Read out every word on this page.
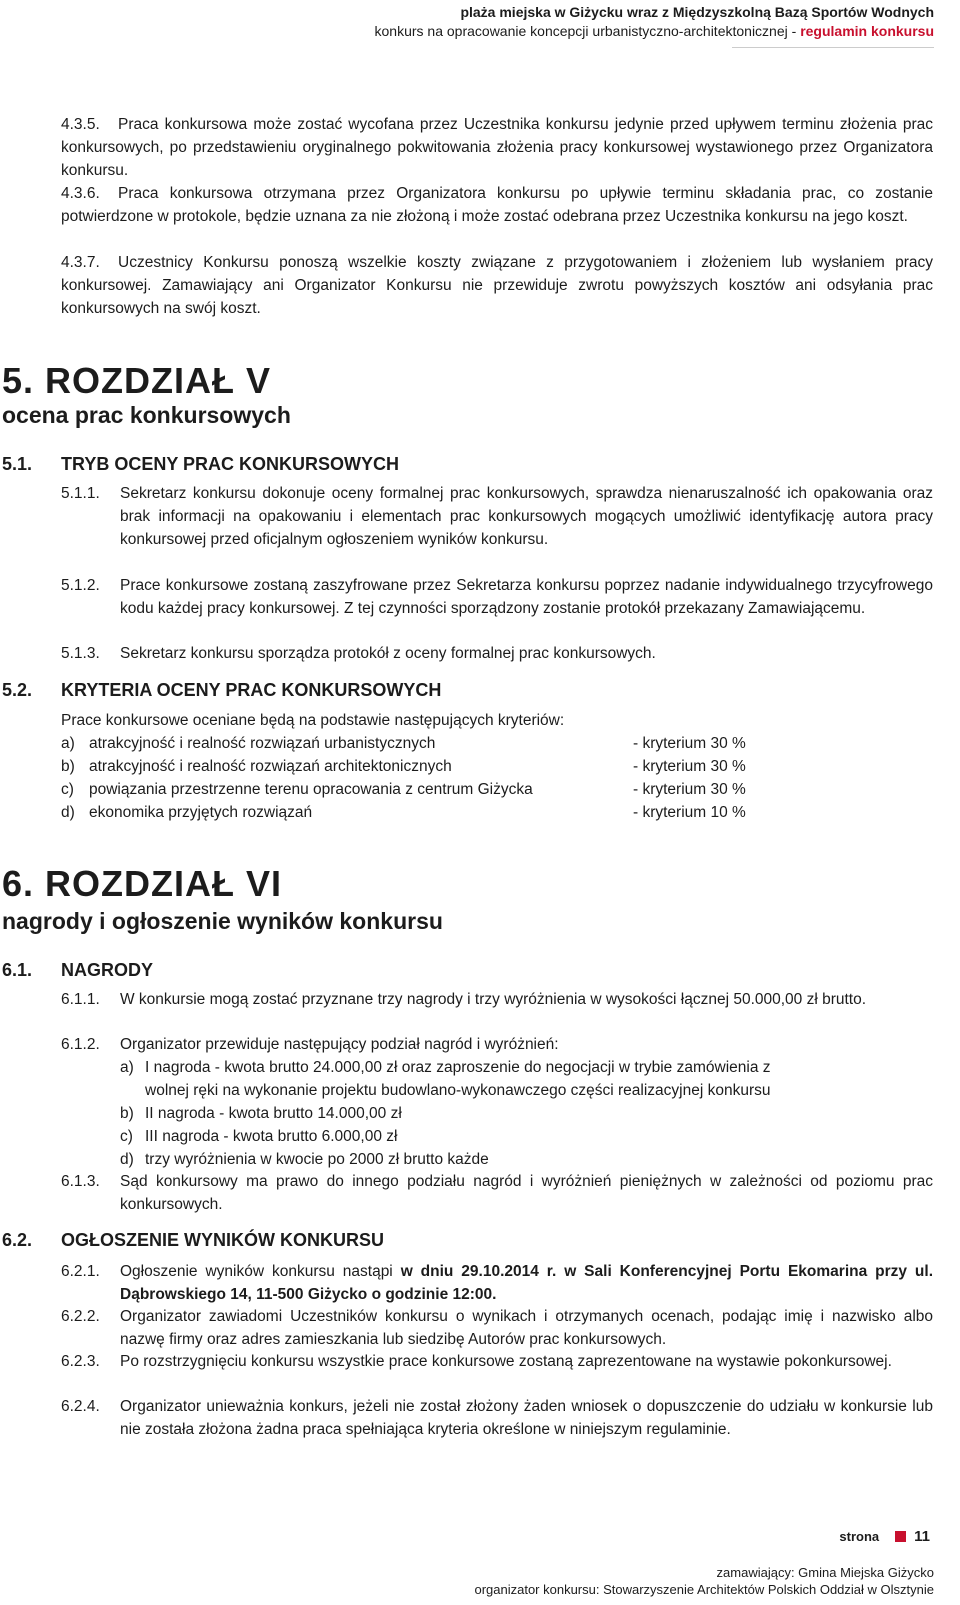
plaża miejska w Giżycku wraz z Międzyszkolną Bazą Sportów Wodnych
konkurs na opracowanie koncepcji urbanistyczno-architektonicznej - regulamin konkursu
4.3.5.	Praca konkursowa może zostać wycofana przez Uczestnika konkursu jedynie przed upływem terminu złożenia prac konkursowych, po przedstawieniu oryginalnego pokwitowania złożenia pracy konkursowej wystawionego przez Organizatora konkursu.
4.3.6.	Praca konkursowa otrzymana przez Organizatora konkursu po upływie terminu składania prac, co zostanie potwierdzone w protokole, będzie uznana za nie złożoną i może zostać odebrana przez Uczestnika konkursu na jego koszt.
4.3.7.	Uczestnicy Konkursu ponoszą wszelkie koszty związane z przygotowaniem i złożeniem lub wysłaniem pracy konkursowej. Zamawiający ani Organizator Konkursu nie przewiduje zwrotu powyższych kosztów ani odsyłania prac konkursowych na swój koszt.
5. ROZDZIAŁ V
ocena prac konkursowych
5.1. TRYB OCENY PRAC KONKURSOWYCH
5.1.1. Sekretarz konkursu dokonuje oceny formalnej prac konkursowych, sprawdza nienaruszalność ich opakowania oraz brak informacji na opakowaniu i elementach prac konkursowych mogących umożliwić identyfikację autora pracy konkursowej przed oficjalnym ogłoszeniem wyników konkursu.
5.1.2. Prace konkursowe zostaną zaszyfrowane przez Sekretarza konkursu poprzez nadanie indywidualnego trzycyfrowego kodu każdej pracy konkursowej. Z tej czynności sporządzony zostanie protokół przekazany Zamawiającemu.
5.1.3. Sekretarz konkursu sporządza protokół z oceny formalnej prac konkursowych.
5.2. KRYTERIA OCENY PRAC KONKURSOWYCH
Prace konkursowe oceniane będą na podstawie następujących kryteriów:
a) atrakcyjność i realność rozwiązań urbanistycznych	- kryterium 30 %
b) atrakcyjność i realność rozwiązań architektonicznych	- kryterium 30 %
c) powiązania przestrzenne terenu opracowania z centrum Giżycka	- kryterium 30 %
d) ekonomika przyjętych rozwiązań	- kryterium 10 %
6. ROZDZIAŁ VI
nagrody i ogłoszenie wyników konkursu
6.1. NAGRODY
6.1.1. W konkursie mogą zostać przyznane trzy nagrody i trzy wyróżnienia w wysokości łącznej 50.000,00 zł brutto.
6.1.2. Organizator przewiduje następujący podział nagród i wyróżnień:
a) I nagroda - kwota brutto 24.000,00 zł oraz zaproszenie do negocjacji w trybie zamówienia z
wolnej ręki na wykonanie projektu budowlano-wykonawczego części realizacyjnej konkursu
b) II nagroda - kwota brutto 14.000,00 zł
c) III nagroda - kwota brutto 6.000,00 zł
d) trzy wyróżnienia w kwocie po 2000 zł brutto każde
6.1.3. Sąd konkursowy ma prawo do innego podziału nagród i wyróżnień pieniężnych w zależności od poziomu prac konkursowych.
6.2. OGŁOSZENIE WYNIKÓW KONKURSU
6.2.1. Ogłoszenie wyników konkursu nastąpi w dniu 29.10.2014 r. w Sali Konferencyjnej Portu Ekomarina przy ul. Dąbrowskiego 14, 11-500 Giżycko o godzinie 12:00.
6.2.2. Organizator zawiadomi Uczestników konkursu o wynikach i otrzymanych ocenach, podając imię i nazwisko albo nazwę firmy oraz adres zamieszkania lub siedzibę Autorów prac konkursowych.
6.2.3. Po rozstrzygnięciu konkursu wszystkie prace konkursowe zostaną zaprezentowane na wystawie pokonkursowej.
6.2.4. Organizator unieważnia konkurs, jeżeli nie został złożony żaden wniosek o dopuszczenie do udziału w konkursie lub nie została złożona żadna praca spełniająca kryteria określone w niniejszym regulaminie.
strona 11
zamawiający: Gmina Miejska Giżycko
organizator konkursu: Stowarzyszenie Architektów Polskich Oddział w Olsztynie
